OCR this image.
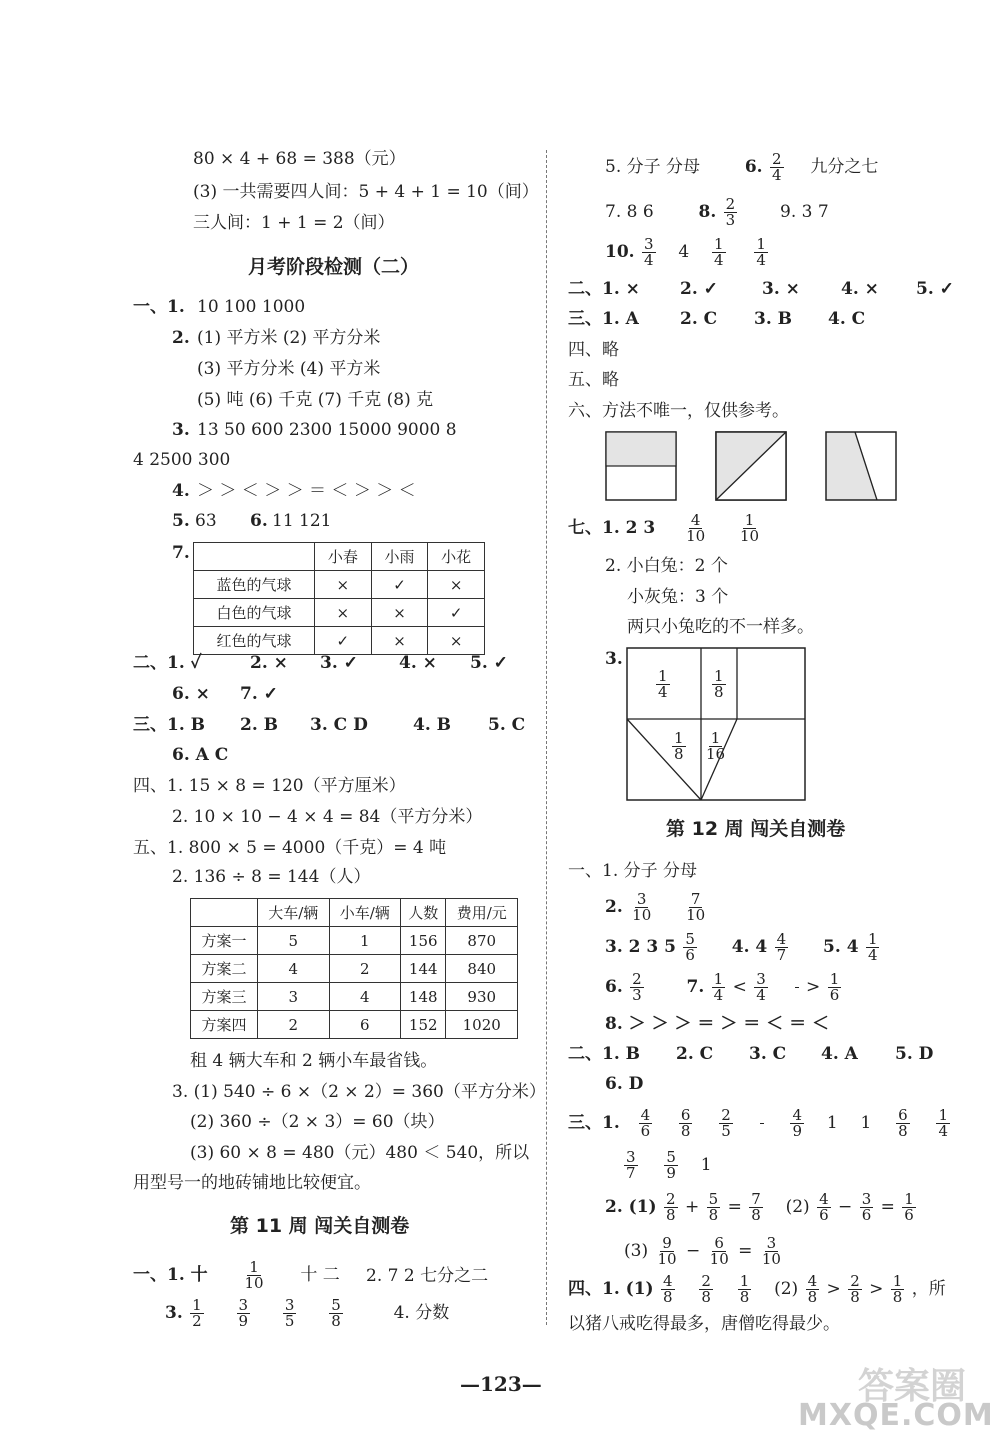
80 × 4 + 68 = 388（元）
(3) 一共需要四人间：5 + 4 + 1 = 10（间）
三人间：1 + 1 = 2（间）
月考阶段检测（二）
一、1. 10 100 1000
2. (1) 平方米 (2) 平方分米
(3) 平方分米 (4) 平方米
(5) 吨 (6) 千克 (7) 千克 (8) 克
3. 13 50 600 2300 15000 9000 8
4 2500 300
4. ＞ ＞ ＜ ＞ ＞ ＝ ＜ ＞ ＞ ＜
5. 63 6. 11 121
7.
		小春	小雨	小花
蓝色的气球	×	✓	×
白色的气球	×	×	✓
红色的气球	✓	×	×
二、1. ✓	2. × 3. ✓ 4. × 5. ✓
6. × 7. ✓
三、1. B 2. B 3. C D	4. B 5. C
6. A C
四、1. 15 × 8 = 120（平方厘米）
2. 10 × 10 − 4 × 4 = 84（平方分米）
五、1. 800 × 5 = 4000（千克）= 4 吨
2. 136 ÷ 8 = 144（人）
	大车/辆	小车/辆	人数	费用/元
方案一	5	1	156	870
方案二	4	2	144	840
方案三	3	4	148	930
方案四	2	6	152	1020
租 4 辆大车和 2 辆小车最省钱。
3. (1) 540 ÷ 6 ×（2 × 2）= 360（平方分米）
(2) 360 ÷（2 × 3）= 60（块）
(3) 60 × 8 = 480（元）480 ＜ 540，所以
用型号一的地砖铺地比较便宜。
第 11 周 闯关自测卷
一、1. 十 $\frac{1}{10}$ 十 二 2. 7 2 七分之二
3. $\frac{1}{2}$
$\frac{3}{9}$
$\frac{3}{5}$
$\frac{5}{8}$	4. 分数
5. 分子 分母	6. $\frac{2}{4}$ 九分之七
7. 8 6	8. $\frac{2}{3}$	9. 3 7
10. $\frac{3}{4} 4 \frac{1}{4}$
$\frac{1}{4}$
二、1. × 2. ✓	3. × 4. × 5. ✓
三、1. A 2. C 3. B 4. C
四、略
五、略
六、方法不唯一，仅供参考。
七、1. 2 $3 \frac{4}{10}$
$\frac{1}{10}$
2. 小白兔：2 个
小灰兔：3 个
两只小兔吃的不一样多。
3.
$\frac{1}{4}$	$\frac{1}{8}$
$\frac{1}{8} \frac{1}{16}$
第 12 周 闯关自测卷
一、1. 分子 分母
2. $\frac{3}{10}$
$\frac{7}{10}$
3. 2 3 $5 \frac{5}{6} 4$. $4 \frac{4}{7} 5$. $4 \frac{1}{4}$
6. $\frac{2}{3}$	7. $\frac{1}{4} < \frac{3}{4}$
> $\frac{1}{6}$
8. ＞ ＞ ＞ ＝ ＞ ＝ ＜ ＝ ＜
二、1. B 2. C 3. C 4. A 5. D
6. D
三、1. $\frac{4}{6}$
$\frac{6}{8}$
$\frac{2}{5}$

	$\frac{4}{9} 1$ $1 \frac{6}{8}$
$\frac{1}{4}$
$\frac{3}{7}$
$\frac{5}{9} 1$
2. $(1) \frac{2}{8} + \frac{5}{8} = \frac{7}{8} (2) \frac{4}{6} - \frac{3}{6} = \frac{1}{6}$
$(3) \frac{9}{10} - \frac{6}{10} = \frac{3}{10}$
四、1. $(1) \frac{4}{8}$
$\frac{2}{8}$
$\frac{1}{8} (2) \frac{4}{8} > \frac{2}{8} > \frac{1}{8}$ ，所
以猪八戒吃得最多，唐僧吃得最少。
—123—	答案圈
MXQE.COM
